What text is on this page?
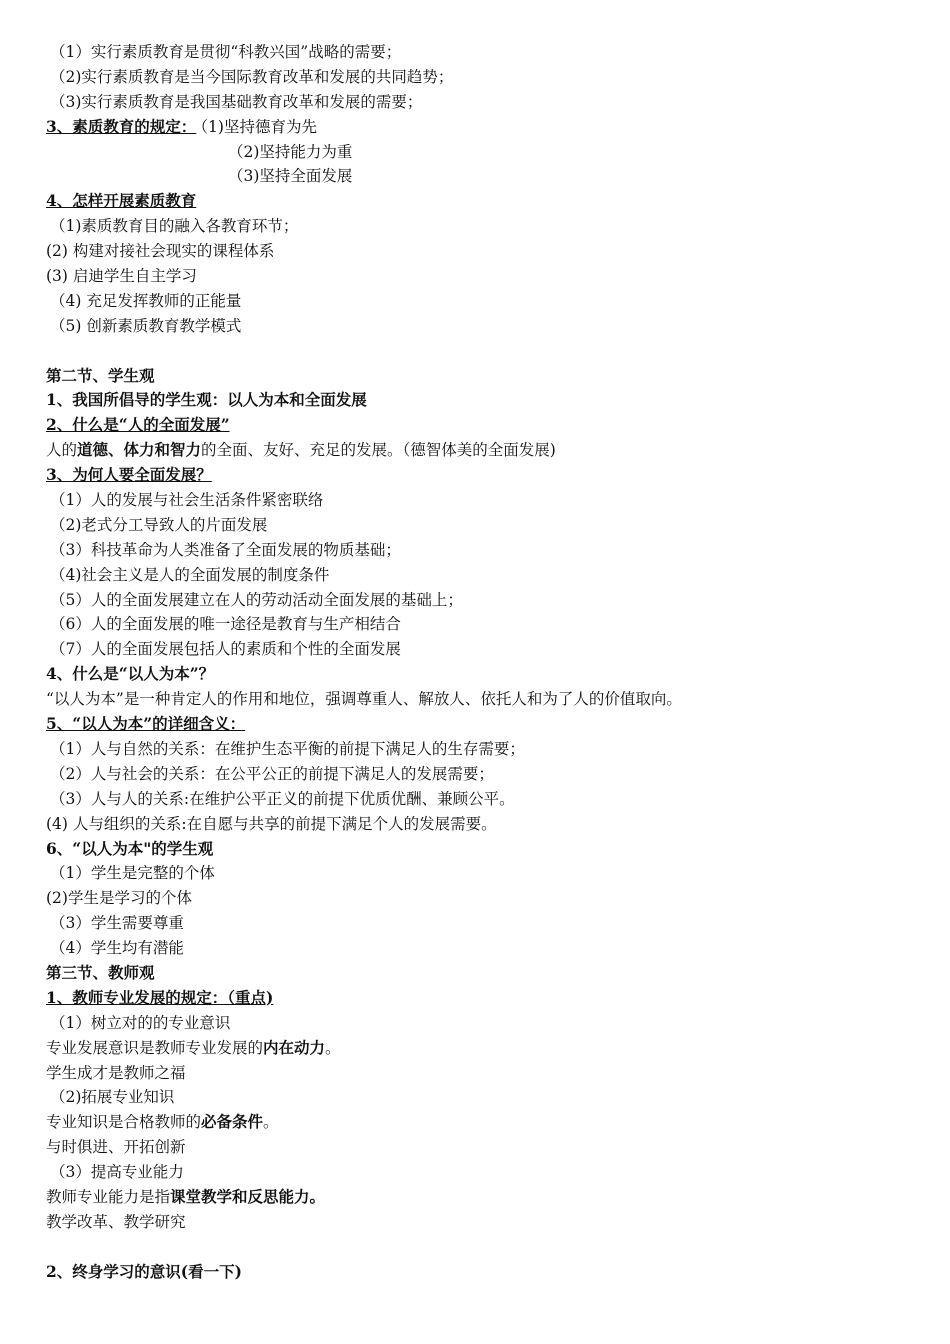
（1）实行素质教育是贯彻“科教兴国”战略的需要；
（2)实行素质教育是当今国际教育改革和发展的共同趋势；
（3)实行素质教育是我国基础教育改革和发展的需要；
3、素质教育的规定： （1)坚持德育为先
（2)坚持能力为重
（3)坚持全面发展
4、怎样开展素质教育
（1)素质教育目的融入各教育环节；
(2) 构建对接社会现实的课程体系
(3) 启迪学生自主学习
（4) 充足发挥教师的正能量
（5) 创新素质教育教学模式
第二节、学生观
1、我国所倡导的学生观：以人为本和全面发展
2、什么是“人的全面发展”
人的道德、体力和智力的全面、友好、充足的发展。（德智体美的全面发展)
3、为何人要全面发展？
（1）人的发展与社会生活条件紧密联络
（2)老式分工导致人的片面发展
（3）科技革命为人类准备了全面发展的物质基础；
（4)社会主义是人的全面发展的制度条件
（5）人的全面发展建立在人的劳动活动全面发展的基础上；
（6）人的全面发展的唯一途径是教育与生产相结合
（7）人的全面发展包括人的素质和个性的全面发展
4、什么是“以人为本”？
“以人为本”是一种肯定人的作用和地位，强调尊重人、解放人、依托人和为了人的价值取向。
5、“以人为本”的详细含义：
（1）人与自然的关系：在维护生态平衡的前提下满足人的生存需要；
（2）人与社会的关系：在公平公正的前提下满足人的发展需要；
（3）人与人的关系:在维护公平正义的前提下优质优酬、兼顾公平。
(4) 人与组织的关系:在自愿与共享的前提下满足个人的发展需要。
6、“以人为本"的学生观
（1）学生是完整的个体
(2)学生是学习的个体
（3）学生需要尊重
（4）学生均有潜能
第三节、教师观
1、教师专业发展的规定：（重点)
（1）树立对的的专业意识
专业发展意识是教师专业发展的内在动力。
学生成才是教师之福
（2)拓展专业知识
专业知识是合格教师的必备条件。
与时俱进、开拓创新
（3）提高专业能力
教师专业能力是指课堂教学和反思能力。
教学改革、教学研究
2、终身学习的意识(看一下)
